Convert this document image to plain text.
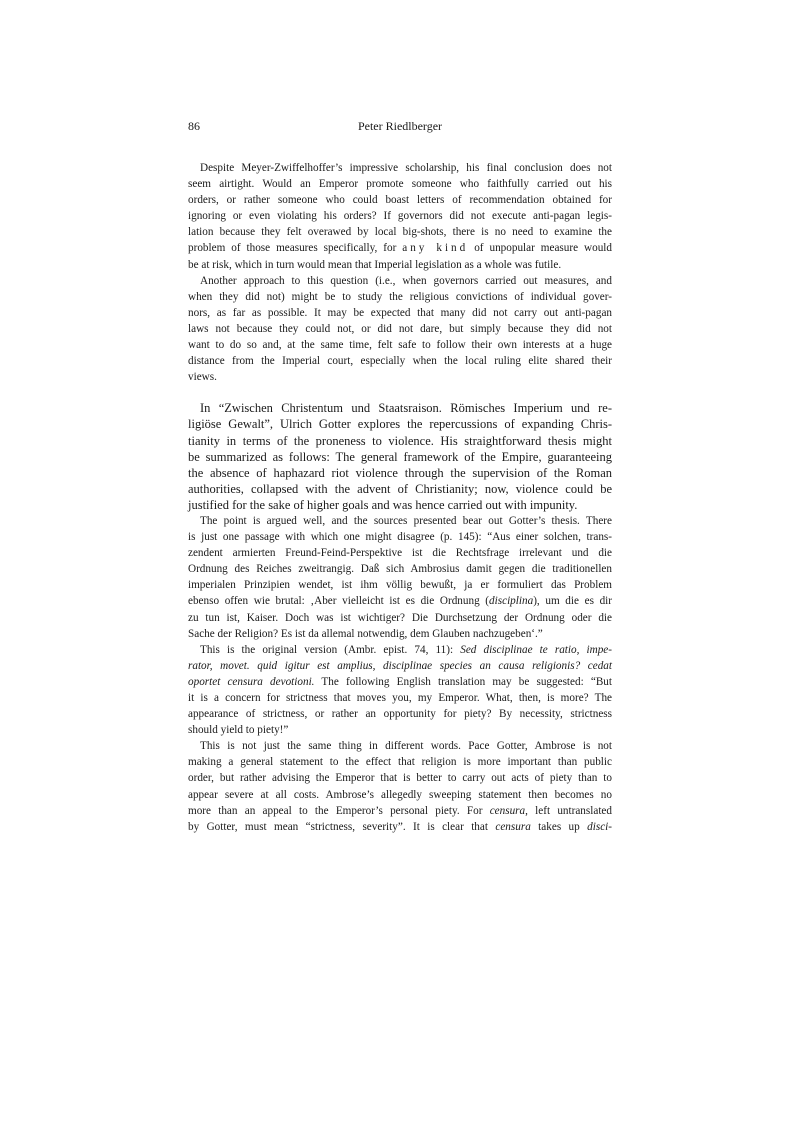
86	Peter Riedlberger
Despite Meyer-Zwiffelhoffer’s impressive scholarship, his final conclusion does not
seem airtight. Would an Emperor promote someone who faithfully carried out his
orders, or rather someone who could boast letters of recommendation obtained for
ignoring or even violating his orders? If governors did not execute anti-pagan legis-
lation because they felt overawed by local big-shots, there is no need to examine the
problem of those measures specifically, for any kind of unpopular measure would
be at risk, which in turn would mean that Imperial legislation as a whole was futile.
Another approach to this question (i.e., when governors carried out measures, and
when they did not) might be to study the religious convictions of individual gover-
nors, as far as possible. It may be expected that many did not carry out anti-pagan
laws not because they could not, or did not dare, but simply because they did not
want to do so and, at the same time, felt safe to follow their own interests at a huge
distance from the Imperial court, especially when the local ruling elite shared their
views.
In “Zwischen Christentum und Staatsraison. Römisches Imperium und re-
ligiöse Gewalt”, Ulrich Gotter explores the repercussions of expanding Chris-
tianity in terms of the proneness to violence. His straightforward thesis might
be summarized as follows: The general framework of the Empire, guaranteeing
the absence of haphazard riot violence through the supervision of the Roman
authorities, collapsed with the advent of Christianity; now, violence could be
justified for the sake of higher goals and was hence carried out with impunity.
The point is argued well, and the sources presented bear out Gotter’s thesis. There
is just one passage with which one might disagree (p. 145): “Aus einer solchen, trans-
zendent armierten Freund-Feind-Perspektive ist die Rechtsfrage irrelevant und die
Ordnung des Reiches zweitrangig. Daß sich Ambrosius damit gegen die traditionellen
imperialen Prinzipien wendet, ist ihm völlig bewußt, ja er formuliert das Problem
ebenso offen wie brutal: ‚Aber vielleicht ist es die Ordnung (disciplina), um die es dir
zu tun ist, Kaiser. Doch was ist wichtiger? Die Durchsetzung der Ordnung oder die
Sache der Religion? Es ist da allemal notwendig, dem Glauben nachzugeben‘.”
This is the original version (Ambr. epist. 74, 11): Sed disciplinae te ratio, impe-
rator, movet. quid igitur est amplius, disciplinae species an causa religionis? cedat
oportet censura devotioni. The following English translation may be suggested: “But
it is a concern for strictness that moves you, my Emperor. What, then, is more? The
appearance of strictness, or rather an opportunity for piety? By necessity, strictness
should yield to piety!”
This is not just the same thing in different words. Pace Gotter, Ambrose is not
making a general statement to the effect that religion is more important than public
order, but rather advising the Emperor that is better to carry out acts of piety than to
appear severe at all costs. Ambrose’s allegedly sweeping statement then becomes no
more than an appeal to the Emperor’s personal piety. For censura, left untranslated
by Gotter, must mean “strictness, severity”. It is clear that censura takes up disci-
